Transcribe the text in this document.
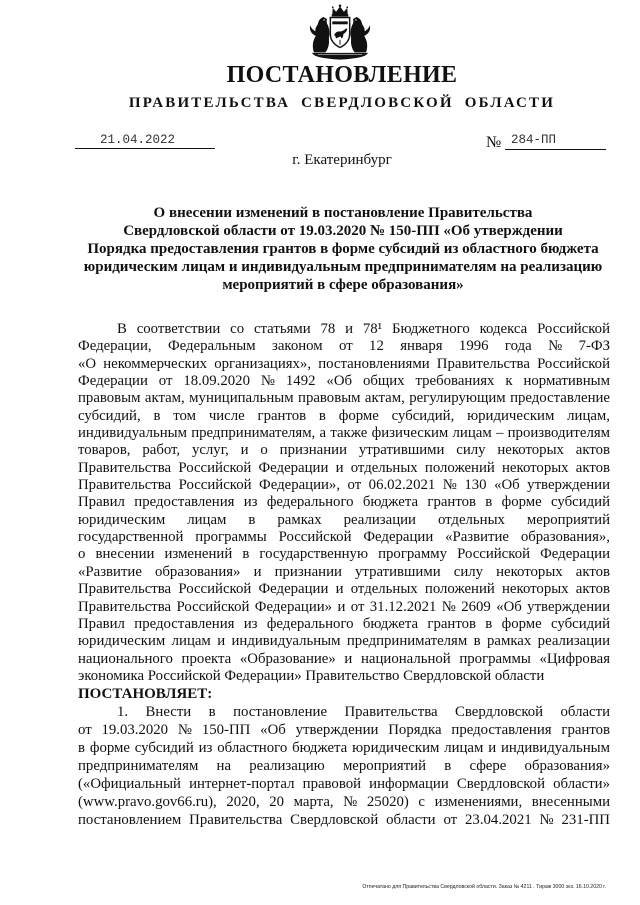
ПОСТАНОВЛЕНИЕ
ПРАВИТЕЛЬСТВА СВЕРДЛОВСКОЙ ОБЛАСТИ
21.04.2022	№ 284-ПП
г. Екатеринбург
О внесении изменений в постановление Правительства
Свердловской области от 19.03.2020 № 150-ПП «Об утверждении
Порядка предоставления грантов в форме субсидий из областного бюджета
юридическим лицам и индивидуальным предпринимателям на реализацию
мероприятий в сфере образования»
В соответствии со статьями 78 и 78¹ Бюджетного кодекса Российской
Федерации, Федеральным законом от 12 января 1996 года № 7-ФЗ
«О некоммерческих организациях», постановлениями Правительства Российской
Федерации от 18.09.2020 № 1492 «Об общих требованиях к нормативным
правовым актам, муниципальным правовым актам, регулирующим предоставление
субсидий, в том числе грантов в форме субсидий, юридическим лицам,
индивидуальным предпринимателям, а также физическим лицам – производителям
товаров, работ, услуг, и о признании утратившими силу некоторых актов
Правительства Российской Федерации и отдельных положений некоторых актов
Правительства Российской Федерации», от 06.02.2021 № 130 «Об утверждении
Правил предоставления из федерального бюджета грантов в форме субсидий
юридическим лицам в рамках реализации отдельных мероприятий
государственной программы Российской Федерации «Развитие образования»,
о внесении изменений в государственную программу Российской Федерации
«Развитие образования» и признании утратившими силу некоторых актов
Правительства Российской Федерации и отдельных положений некоторых актов
Правительства Российской Федерации» и от 31.12.2021 № 2609 «Об утверждении
Правил предоставления из федерального бюджета грантов в форме субсидий
юридическим лицам и индивидуальным предпринимателям в рамках реализации
национального проекта «Образование» и национальной программы «Цифровая
экономика Российской Федерации» Правительство Свердловской области
ПОСТАНОВЛЯЕТ:
1. Внести в постановление Правительства Свердловской области
от 19.03.2020 № 150-ПП «Об утверждении Порядка предоставления грантов
в форме субсидий из областного бюджета юридическим лицам и индивидуальным
предпринимателям на реализацию мероприятий в сфере образования»
(«Официальный интернет-портал правовой информации Свердловской области»
(www.pravo.gov66.ru), 2020, 20 марта, № 25020) с изменениями, внесенными
постановлением Правительства Свердловской области от 23.04.2021 № 231-ПП
Отпечатано для Правительства Свердловской области. Заказ № 4211 . Тираж 3000 экз. 16.10.2020 г.
